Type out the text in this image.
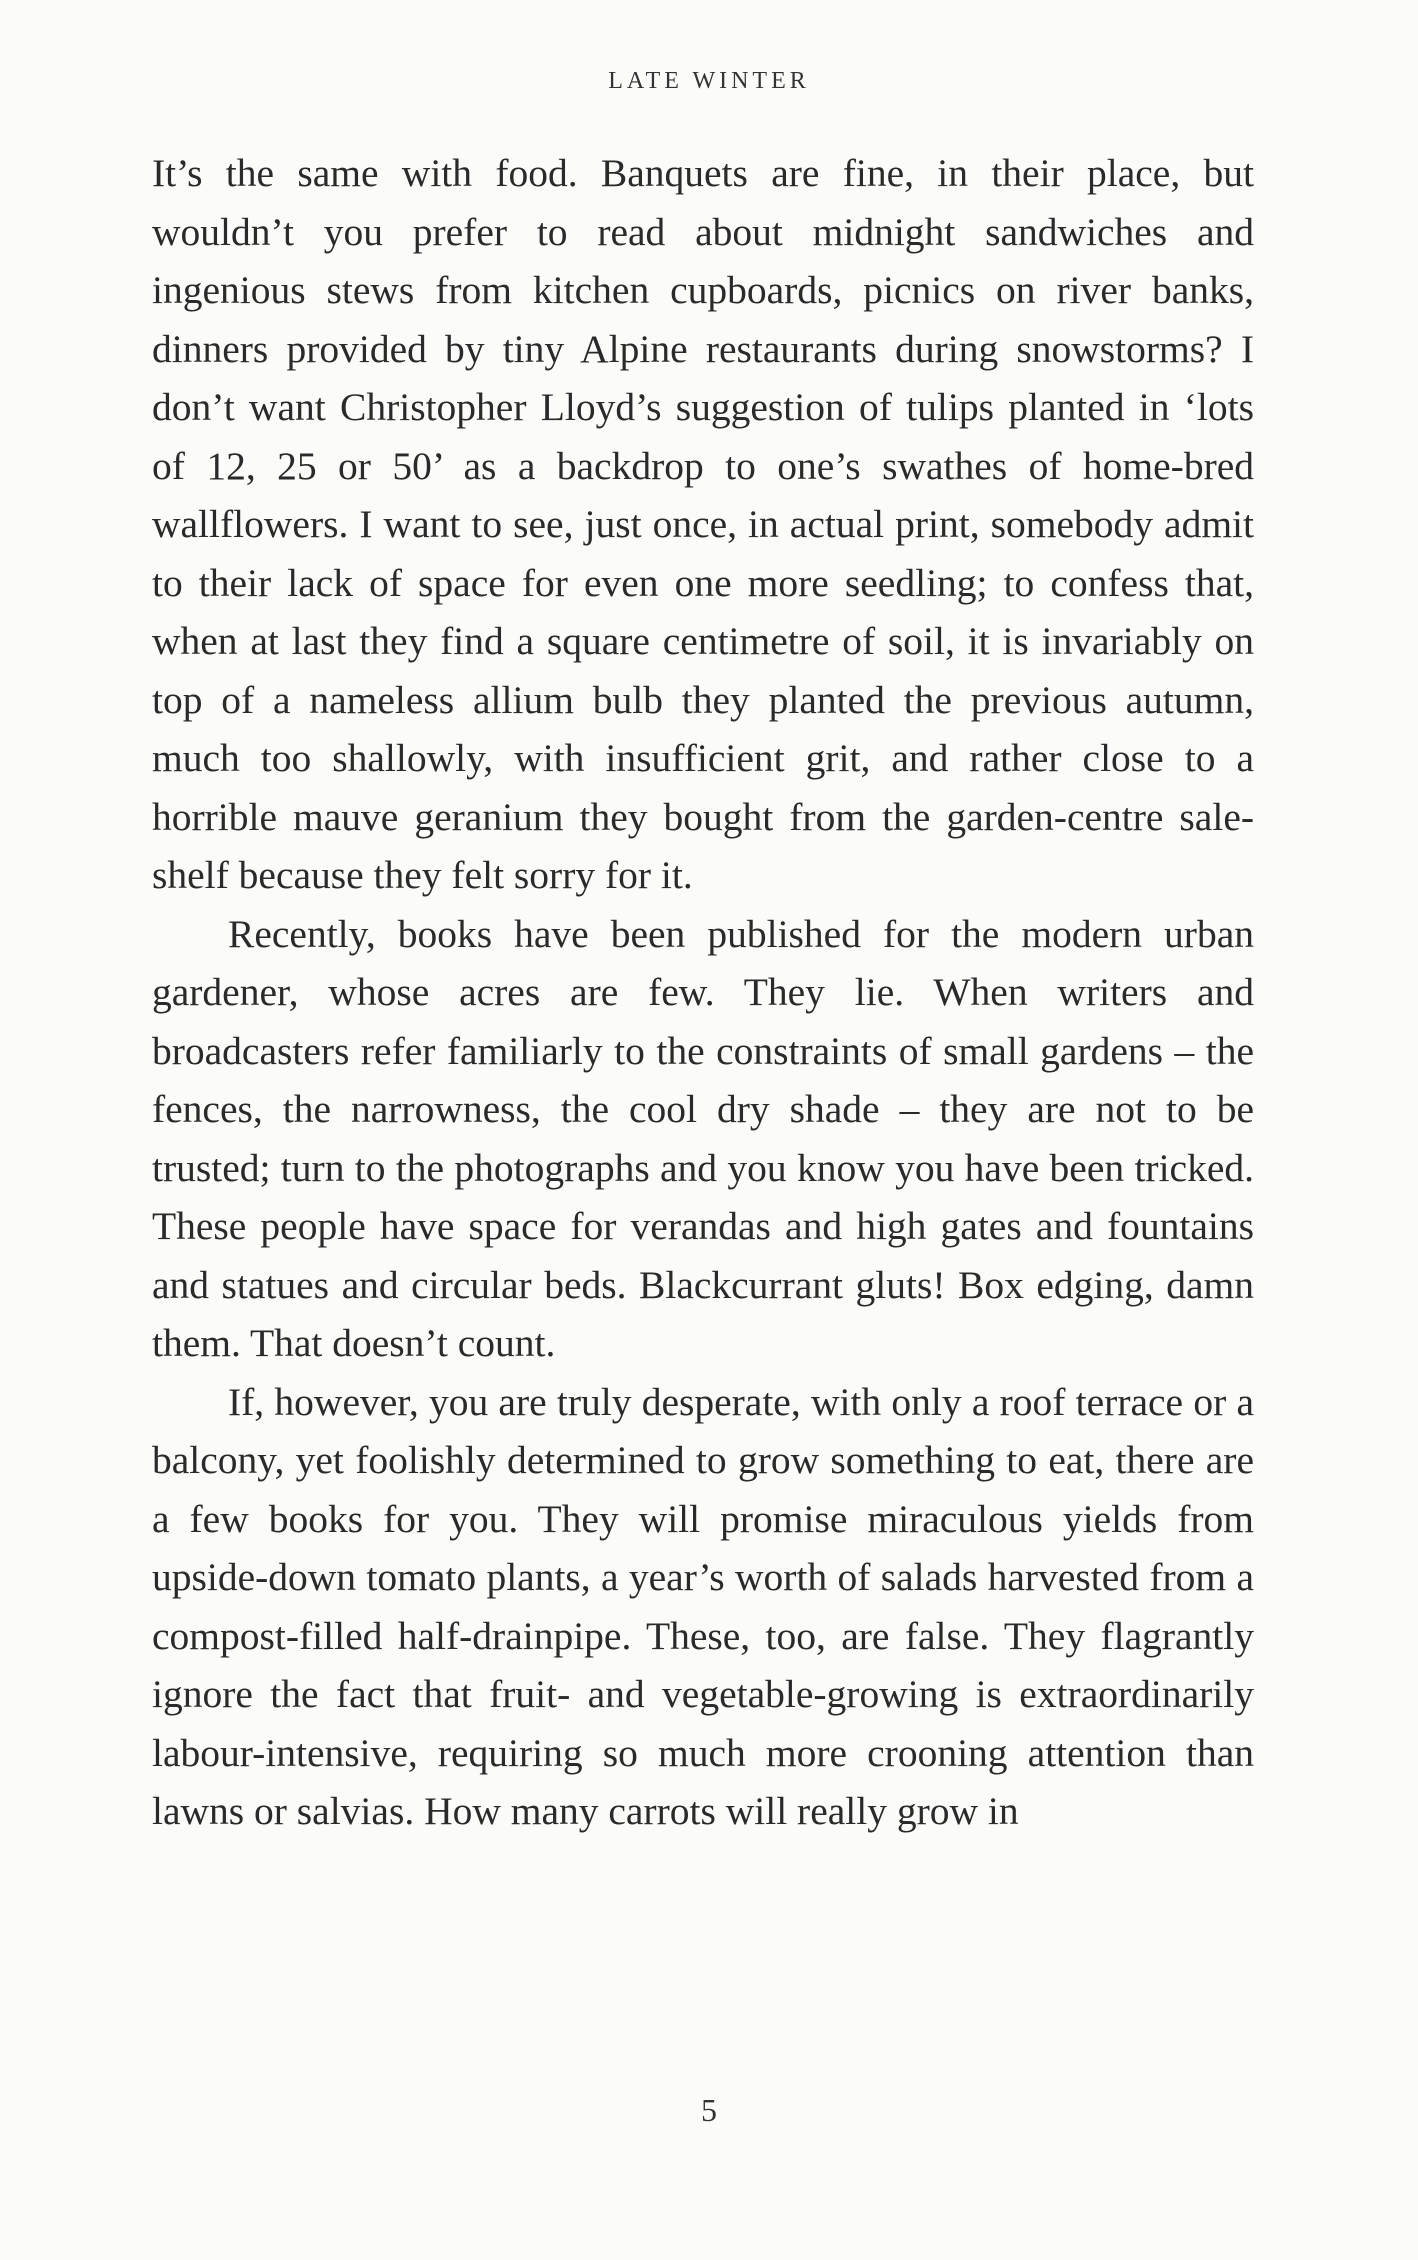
LATE WINTER

It’s the same with food. Banquets are fine, in their place, but wouldn’t you prefer to read about midnight sandwiches and ingenious stews from kitchen cupboards, picnics on river banks, dinners provided by tiny Alpine restaurants during snowstorms? I don’t want Christopher Lloyd’s suggestion of tulips planted in ‘lots of 12, 25 or 50’ as a backdrop to one’s swathes of home-bred wallflowers. I want to see, just once, in actual print, somebody admit to their lack of space for even one more seedling; to confess that, when at last they find a square centimetre of soil, it is invariably on top of a nameless allium bulb they planted the previous autumn, much too shallowly, with insufficient grit, and rather close to a horrible mauve geranium they bought from the garden-centre sale-shelf because they felt sorry for it.

Recently, books have been published for the modern urban gardener, whose acres are few. They lie. When writers and broadcasters refer familiarly to the constraints of small gardens – the fences, the narrowness, the cool dry shade – they are not to be trusted; turn to the photographs and you know you have been tricked. These people have space for verandas and high gates and fountains and statues and circular beds. Blackcurrant gluts! Box edging, damn them. That doesn’t count.

If, however, you are truly desperate, with only a roof terrace or a balcony, yet foolishly determined to grow something to eat, there are a few books for you. They will promise miraculous yields from upside-down tomato plants, a year’s worth of salads harvested from a compost-filled half-drainpipe. These, too, are false. They flagrantly ignore the fact that fruit- and vegetable-growing is extraordinarily labour-intensive, requiring so much more crooning attention than lawns or salvias. How many carrots will really grow in

5
